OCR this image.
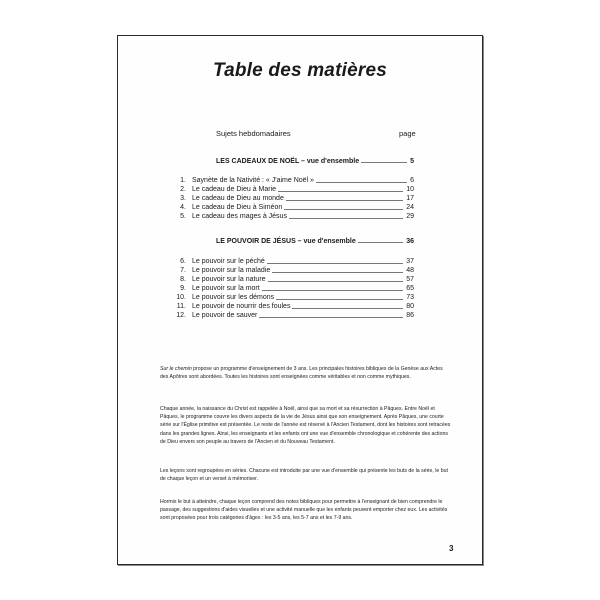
Table des matières
Sujets hebdomadaires	page
LES CADEAUX DE NOËL – vue d'ensemble	5
1. Saynète de la Nativité : « J'aime Noël »	6
2. Le cadeau de Dieu à Marie	10
3. Le cadeau de Dieu au monde	17
4. Le cadeau de Dieu à Siméon	24
5. Le cadeau des mages à Jésus	29
LE POUVOIR DE JÉSUS – vue d'ensemble	36
6. Le pouvoir sur le péché	37
7. Le pouvoir sur la maladie	48
8. Le pouvoir sur la nature	57
9. Le pouvoir sur la mort	65
10. Le pouvoir sur les démons	73
11. Le pouvoir de nourrir des foules	80
12. Le pouvoir de sauver	86
Sur le chemin propose un programme d'enseignement de 3 ans. Les principales histoires bibliques de la Genèse aux Actes des Apôtres sont abordées. Toutes les histoires sont enseignées comme véritables et non comme mythiques.
Chaque année, la naissance du Christ est rappelée à Noël, ainsi que sa mort et sa résurrection à Pâques. Entre Noël et Pâques, le programme couvre les divers aspects de la vie de Jésus ainsi que son enseignement. Après Pâques, une courte série sur l'Église primitive est présentée. Le reste de l'année est réservé à l'Ancien Testament, dont les histoires sont retracées dans les grandes lignes. Ainsi, les enseignants et les enfants ont une vue d'ensemble chronologique et cohérente des actions de Dieu envers son peuple au travers de l'Ancien et du Nouveau Testament.
Les leçons sont regroupées en séries. Chacune est introduite par une vue d'ensemble qui présente les buts de la série, le but de chaque leçon et un verset à mémoriser.
Hormis le but à atteindre, chaque leçon comprend des notes bibliques pour permettre à l'enseignant de bien comprendre le passage, des suggestions d'aides visuelles et une activité manuelle que les enfants peuvent emporter chez eux. Les activités sont proposées pour trois catégories d'âges : les 3-5 ans, les 5-7 ans et les 7-9 ans.
3
